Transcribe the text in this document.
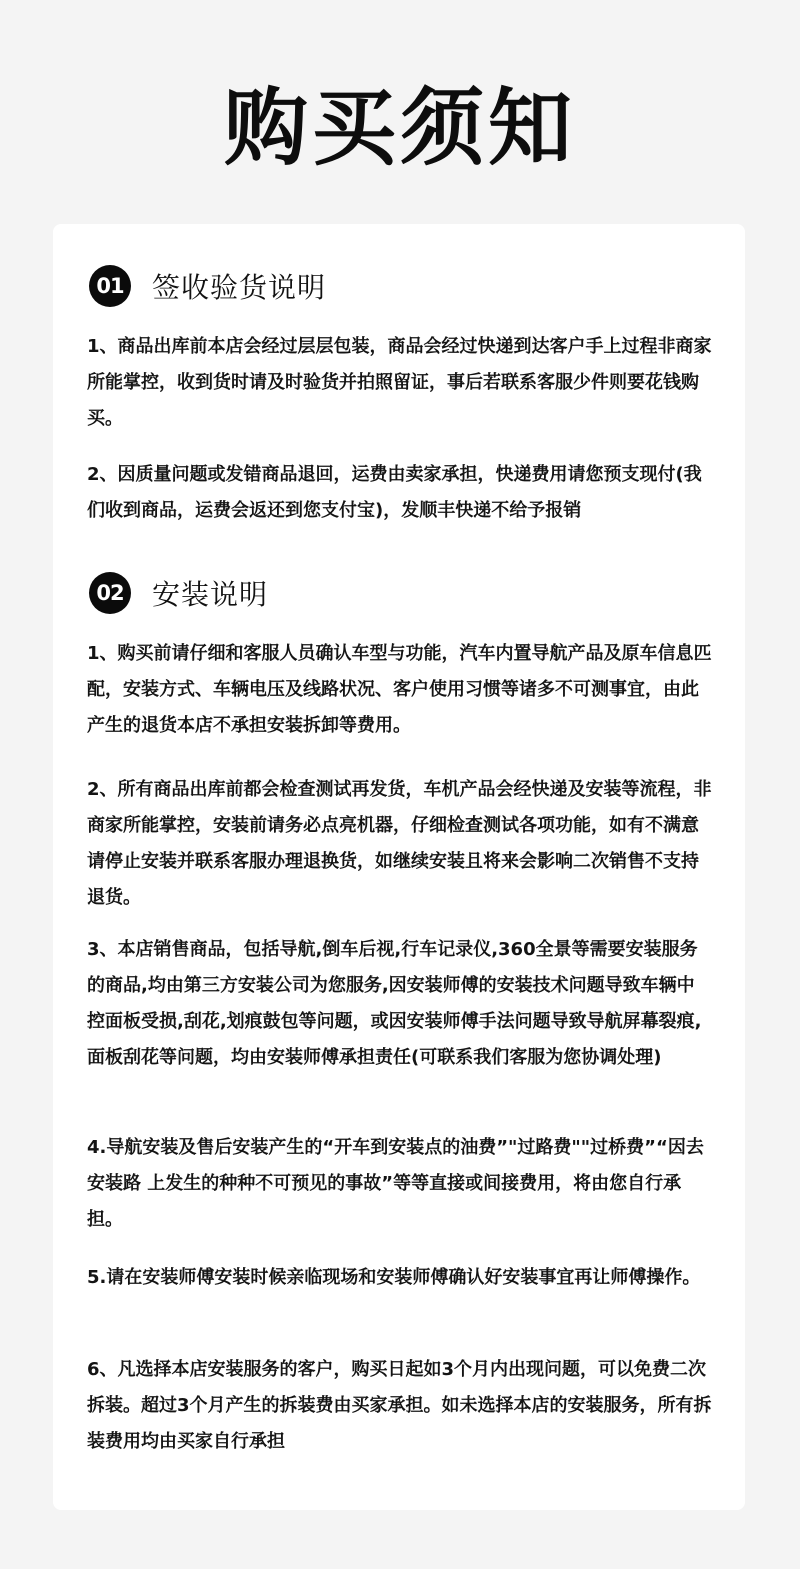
购买须知
01 签收验货说明

1、商品出库前本店会经过层层包装，商品会经过快递到达客户手上过程非商家所能掌控，收到货时请及时验货并拍照留证，事后若联系客服少件则要花钱购买。

2、因质量问题或发错商品退回，运费由卖家承担，快递费用请您预支现付(我们收到商品，运费会返还到您支付宝)，发顺丰快递不给予报销

02 安装说明

1、购买前请仔细和客服人员确认车型与功能，汽车内置导航产品及原车信息匹配，安装方式、车辆电压及线路状况、客户使用习惯等诸多不可测事宜，由此产生的退货本店不承担安装拆卸等费用。

2、所有商品出库前都会检查测试再发货，车机产品会经快递及安装等流程，非商家所能掌控，安装前请务必点亮机器，仔细检查测试各项功能，如有不满意请停止安装并联系客服办理退换货，如继续安装且将来会影响二次销售不支持退货。

3、本店销售商品，包括导航,倒车后视,行车记录仪,360全景等需要安装服务的商品,均由第三方安装公司为您服务,因安装师傅的安装技术问题导致车辆中控面板受损,刮花,划痕鼓包等问题，或因安装师傅手法问题导致导航屏幕裂痕,面板刮花等问题，均由安装师傅承担责任(可联系我们客服为您协调处理)

4.导航安装及售后安装产生的“开车到安装点的油费”"过路费""过桥费”“因去安装路 上发生的种种不可预见的事故”等等直接或间接费用，将由您自行承担。

5.请在安装师傅安装时候亲临现场和安装师傅确认好安装事宜再让师傅操作。

6、凡选择本店安装服务的客户，购买日起如3个月内出现问题，可以免费二次拆装。超过3个月产生的拆装费由买家承担。如未选择本店的安装服务，所有拆装费用均由买家自行承担
